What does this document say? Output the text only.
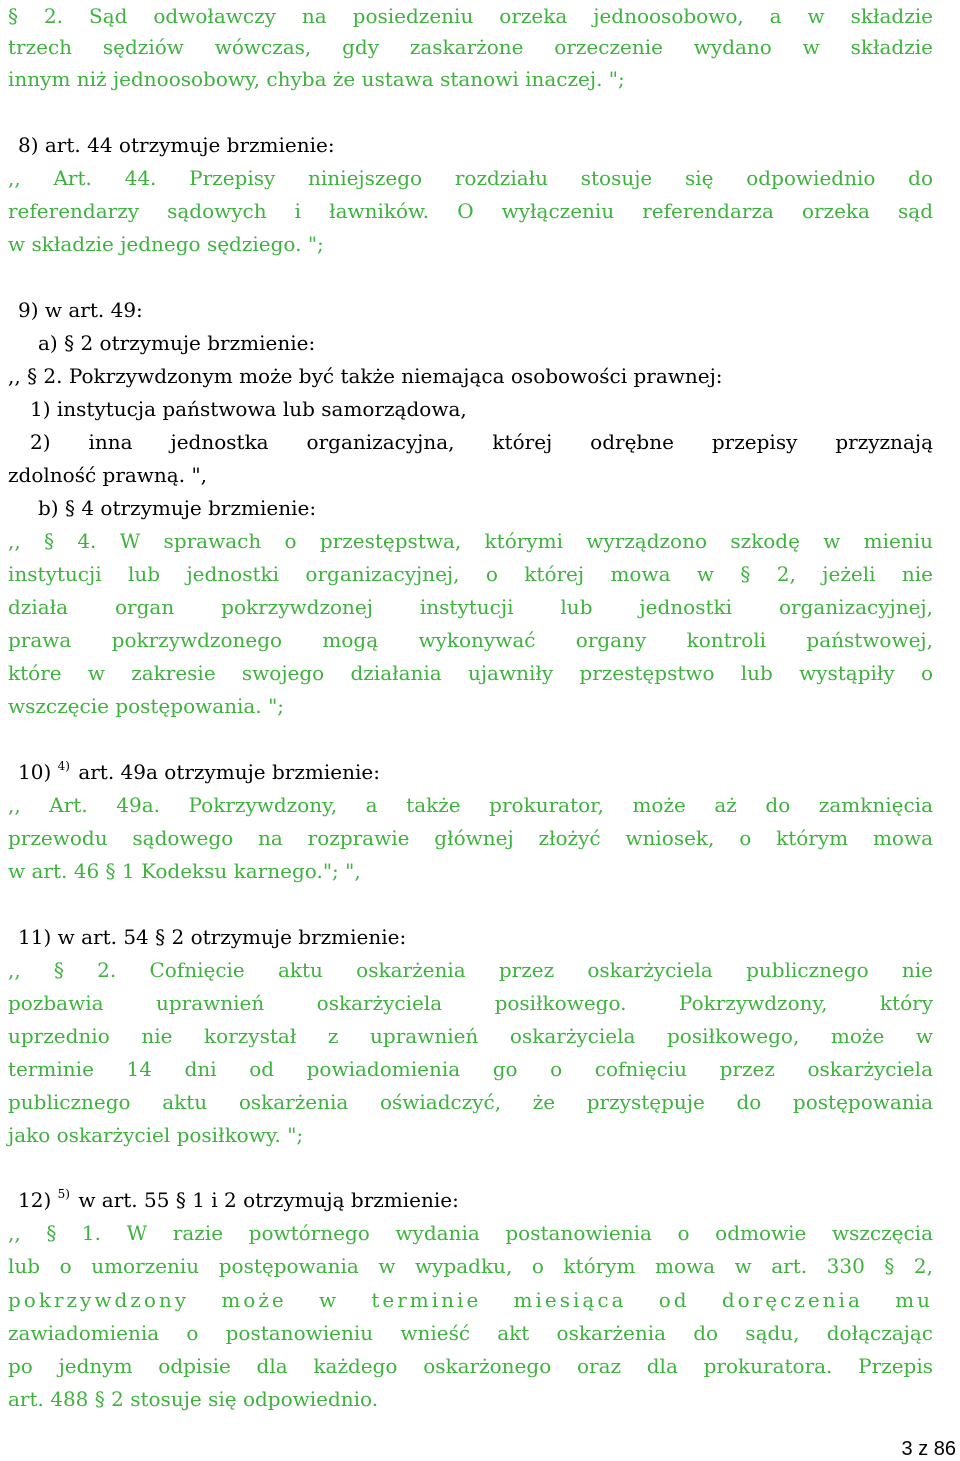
§ 2. Sąd odwoławczy na posiedzeniu orzeka jednoosobowo, a w składzie
trzech sędziów wówczas, gdy zaskarżone orzeczenie wydano w składzie
innym niż jednoosobowy, chyba że ustawa stanowi inaczej. ";
8) art. 44 otrzymuje brzmienie:
,, Art. 44. Przepisy niniejszego rozdziału stosuje się odpowiednio do
referendarzy sądowych i ławników. O wyłączeniu referendarza orzeka sąd
w składzie jednego sędziego. ";
9) w art. 49:
a) § 2 otrzymuje brzmienie:
,, § 2. Pokrzywdzonym może być także niemająca osobowości prawnej:
1) instytucja państwowa lub samorządowa,
2) inna jednostka organizacyjna, której odrębne przepisy przyznają
zdolność prawną. ",
b) § 4 otrzymuje brzmienie:
,, § 4. W sprawach o przestępstwa, którymi wyrządzono szkodę w mieniu
instytucji lub jednostki organizacyjnej, o której mowa w § 2, jeżeli nie
działa organ pokrzywdzonej instytucji lub jednostki organizacyjnej,
prawa pokrzywdzonego mogą wykonywać organy kontroli państwowej,
które w zakresie swojego działania ujawniły przestępstwo lub wystąpiły o
wszczęcie postępowania. ";
10) $^{4)}$ art. 49a otrzymuje brzmienie:
,, Art. 49a. Pokrzywdzony, a także prokurator, może aż do zamknięcia
przewodu sądowego na rozprawie głównej złożyć wniosek, o którym mowa
w art. 46 § 1 Kodeksu karnego."; ",
11) w art. 54 § 2 otrzymuje brzmienie:
,, § 2. Cofnięcie aktu oskarżenia przez oskarżyciela publicznego nie
pozbawia uprawnień oskarżyciela posiłkowego. Pokrzywdzony, który
uprzednio nie korzystał z uprawnień oskarżyciela posiłkowego, może w
terminie 14 dni od powiadomienia go o cofnięciu przez oskarżyciela
publicznego aktu oskarżenia oświadczyć, że przystępuje do postępowania
jako oskarżyciel posiłkowy. ";
12) $^{5)}$ w art. 55 § 1 i 2 otrzymują brzmienie:
,, § 1. W razie powtórnego wydania postanowienia o odmowie wszczęcia
lub o umorzeniu postępowania w wypadku, o którym mowa w art. 330 § 2,
pokrzywdzony może w terminie miesiąca od doręczenia mu
zawiadomienia o postanowieniu wnieść akt oskarżenia do sądu, dołączając
po jednym odpisie dla każdego oskarżonego oraz dla prokuratora. Przepis
art. 488 § 2 stosuje się odpowiednio.
3 z 86
